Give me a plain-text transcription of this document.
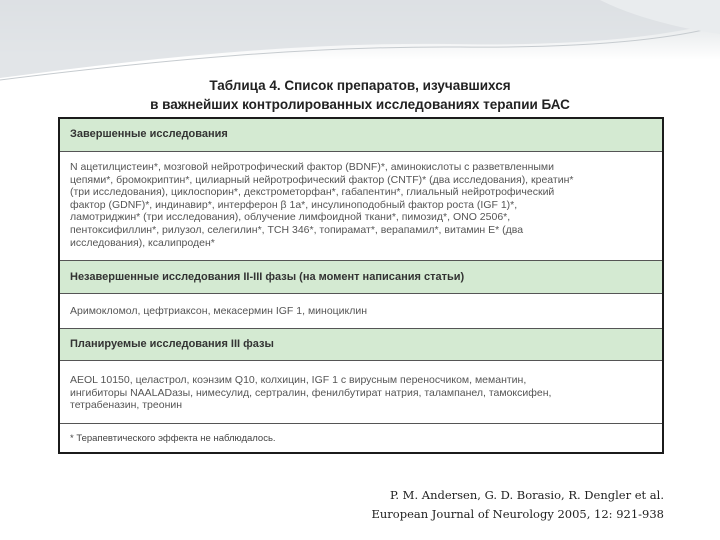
Таблица 4. Список препаратов, изучавшихся
в важнейших контролированных исследованиях терапии БАС
Завершенные исследования
N ацетилцистеин*, мозговой нейротрофический фактор (BDNF)*, аминокислоты с разветвленными
цепями*, бромокриптин*, цилиарный нейротрофический фактор (CNTF)* (два исследования), креатин*
(три исследования), циклоспорин*, декстрометорфан*, габапентин*, глиальный нейротрофический
фактор (GDNF)*, индинавир*, интерферон β 1а*, инсулиноподобный фактор роста (IGF 1)*,
ламотриджин* (три исследования), облучение лимфоидной ткани*, пимозид*, ONO 2506*,
пентоксифиллин*, рилузол, селегилин*, TCH 346*, топирамат*, верапамил*, витамин E* (два
исследования), ксалипроден*
Незавершенные исследования II-III фазы (на момент написания статьи)
Аримокломол, цефтриаксон, мекасермин IGF 1, миноциклин
Планируемые исследования III фазы
AEOL 10150, целастрол, коэнзим Q10, колхицин, IGF 1 с вирусным переносчиком, мемантин,
ингибиторы NAALADазы, нимесулид, сертралин, фенилбутират натрия, талампанел, тамоксифен,
тетрабеназин, треонин
* Терапевтического эффекта не наблюдалось.
P. M. Andersen, G. D. Borasio, R. Dengler et al.
European Journal of Neurology 2005, 12: 921-938
